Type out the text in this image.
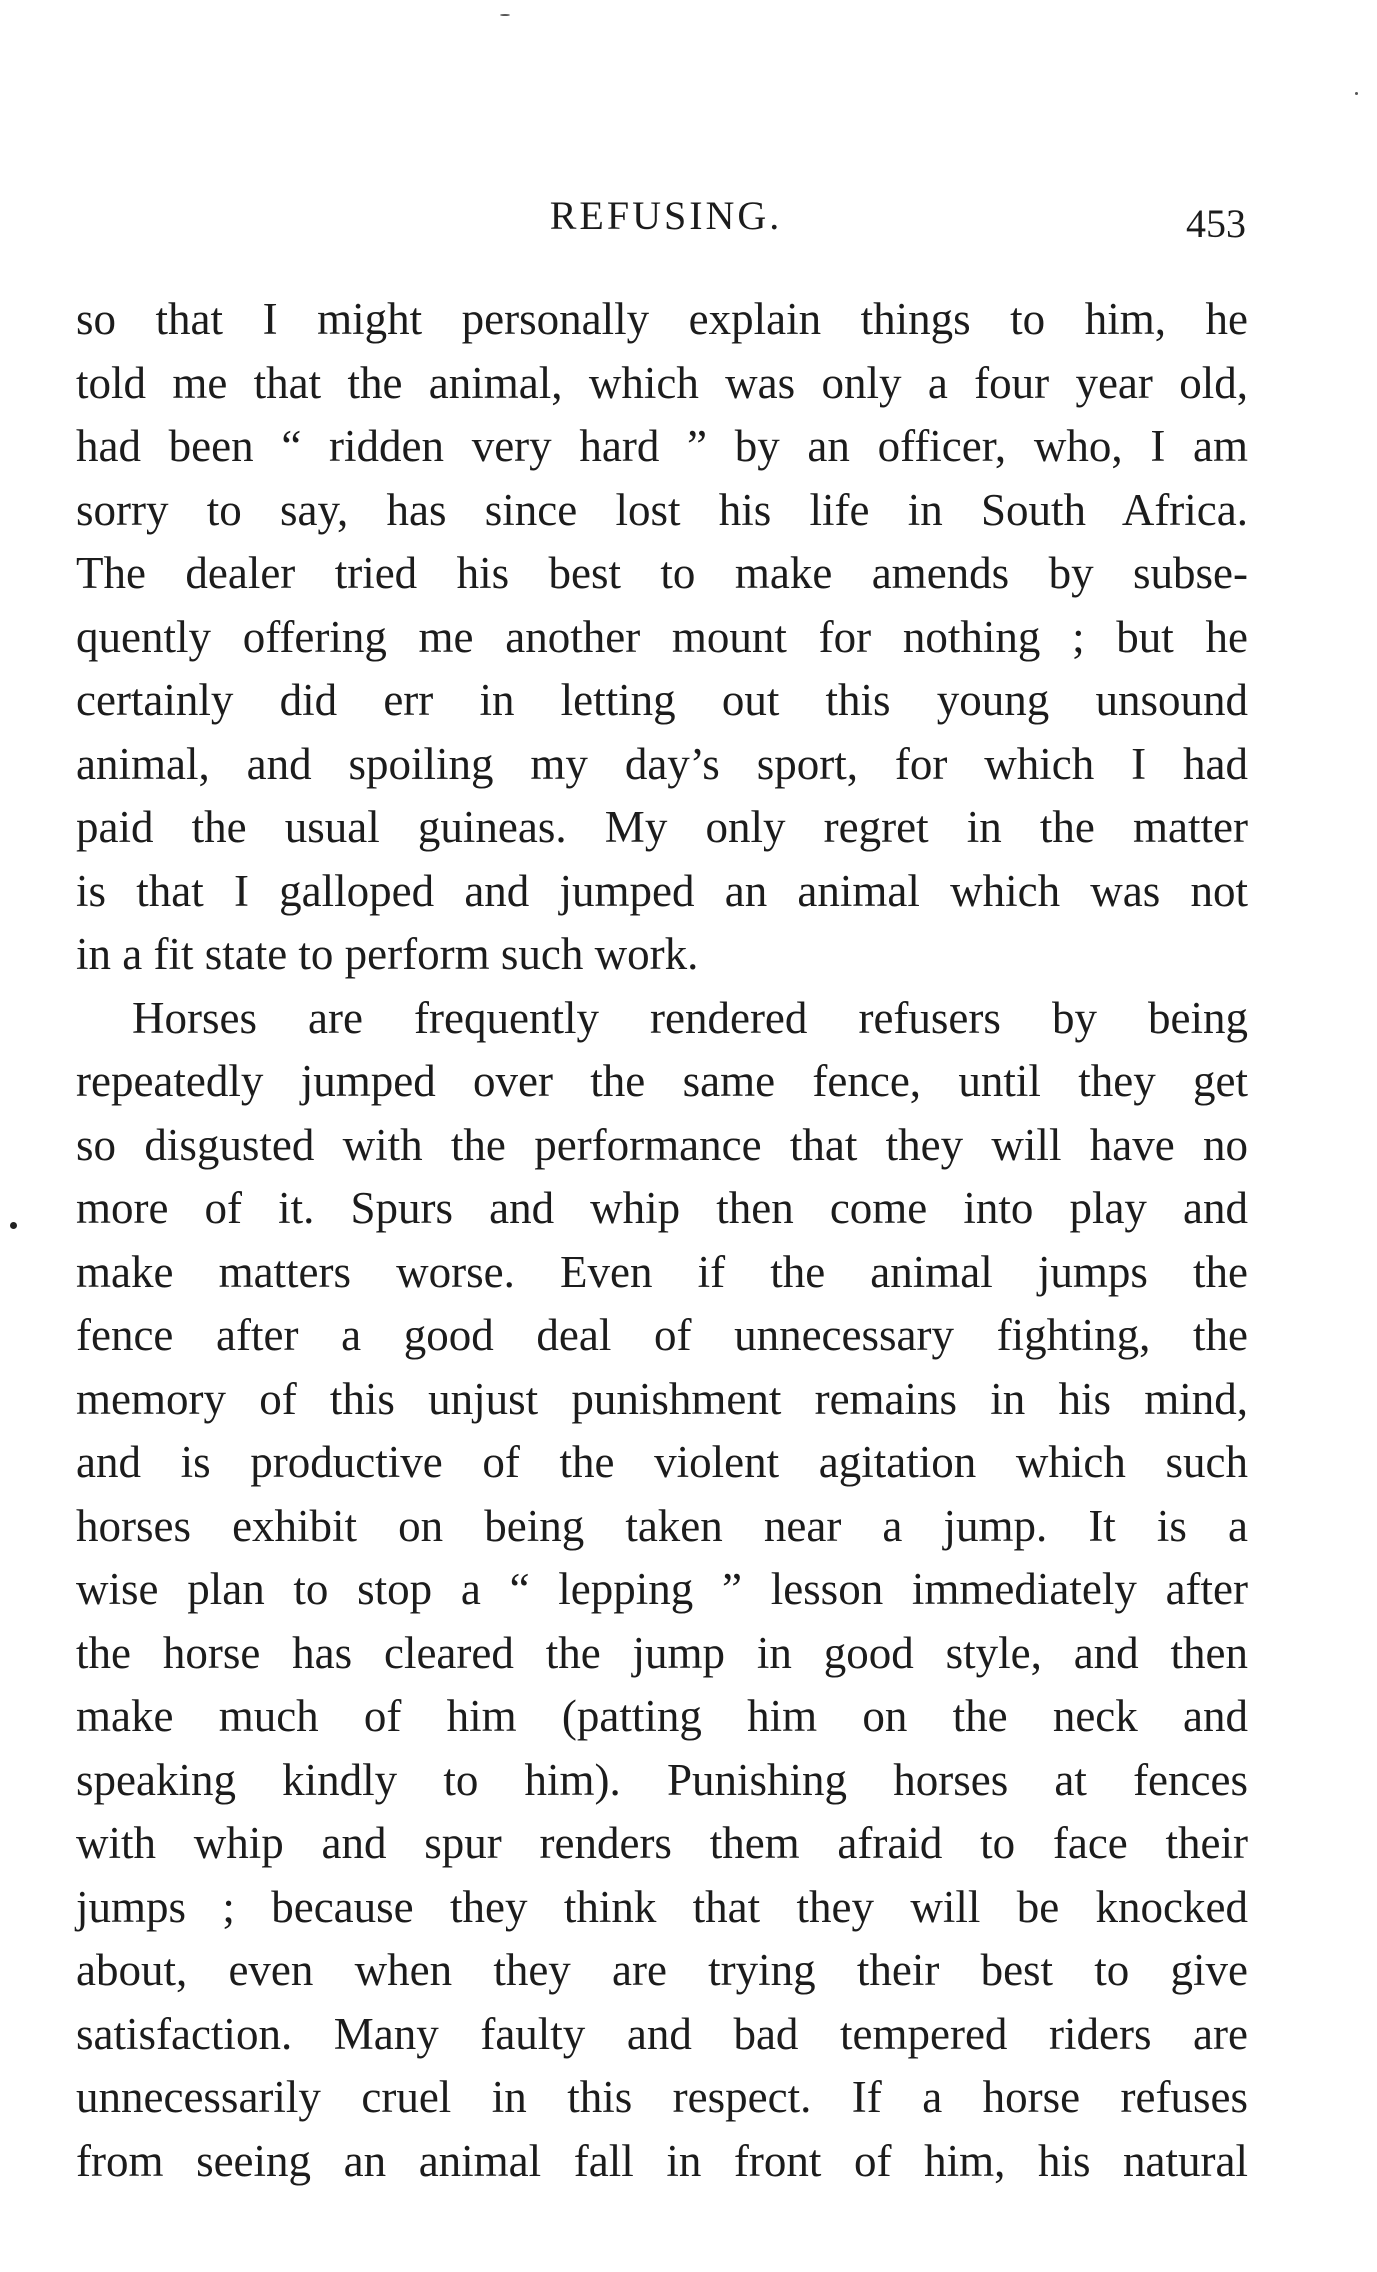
REFUSING.	453
so that I might personally explain things to him, he
told me that the animal, which was only a four year old,
had been “ ridden very hard ” by an officer, who, I am
sorry to say, has since lost his life in South Africa.
The dealer tried his best to make amends by subse-
quently offering me another mount for nothing ; but he
certainly did err in letting out this young unsound
animal, and spoiling my day’s sport, for which I had
paid the usual guineas. My only regret in the matter
is that I galloped and jumped an animal which was not
in a fit state to perform such work.
Horses are frequently rendered refusers by being
repeatedly jumped over the same fence, until they get
so disgusted with the performance that they will have no
more of it. Spurs and whip then come into play and
make matters worse. Even if the animal jumps the
fence after a good deal of unnecessary fighting, the
memory of this unjust punishment remains in his mind,
and is productive of the violent agitation which such
horses exhibit on being taken near a jump. It is a
wise plan to stop a “ lepping ” lesson immediately after
the horse has cleared the jump in good style, and then
make much of him (patting him on the neck and
speaking kindly to him). Punishing horses at fences
with whip and spur renders them afraid to face their
jumps ; because they think that they will be knocked
about, even when they are trying their best to give
satisfaction. Many faulty and bad tempered riders are
unnecessarily cruel in this respect. If a horse refuses
from seeing an animal fall in front of him, his natural
